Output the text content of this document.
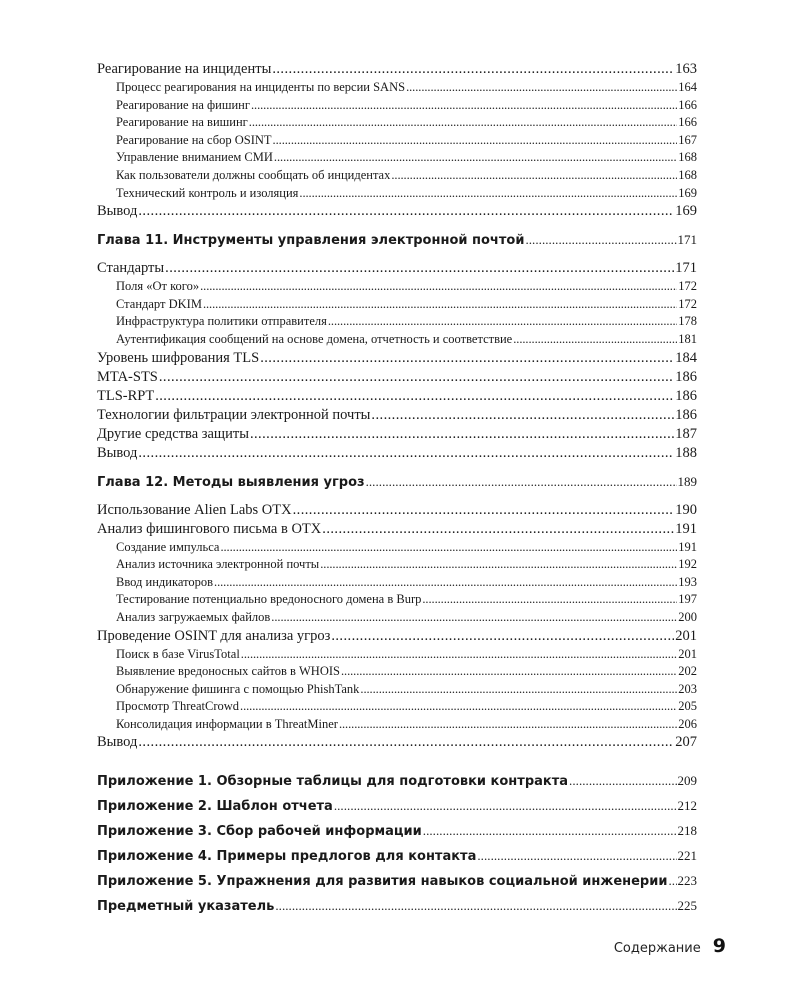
Реагирование на инциденты . . .	163
Процесс реагирования на инциденты по версии SANS . . .	164
Реагирование на фишинг . . .	166
Реагирование на вишинг . . .	166
Реагирование на сбор OSINT . . .	167
Управление вниманием СМИ . . .	168
Как пользователи должны сообщать об инцидентах . . .	168
Технический контроль и изоляция . . .	169
Вывод . . .	169
Глава 11. Инструменты управления электронной почтой . . .	171
Стандарты . . .	171
Поля «От кого» . . .	172
Стандарт DKIM . . .	172
Инфраструктура политики отправителя . . .	178
Аутентификация сообщений на основе домена, отчетность и соответствие . . .	181
Уровень шифрования TLS . . .	184
MTA-STS . . .	186
TLS-RPT . . .	186
Технологии фильтрации электронной почты . . .	186
Другие средства защиты . . .	187
Вывод . . .	188
Глава 12. Методы выявления угроз . . .	189
Использование Alien Labs OTX . . .	190
Анализ фишингового письма в OTX . . .	191
Создание импульса . . .	191
Анализ источника электронной почты . . .	192
Ввод индикаторов . . .	193
Тестирование потенциально вредоносного домена в Burp . . .	197
Анализ загружаемых файлов . . .	200
Проведение OSINT для анализа угроз . . .	201
Поиск в базе VirusTotal . . .	201
Выявление вредоносных сайтов в WHOIS . . .	202
Обнаружение фишинга с помощью PhishTank . . .	203
Просмотр ThreatCrowd . . .	205
Консолидация информации в ThreatMiner . . .	206
Вывод . . .	207
Приложение 1. Обзорные таблицы для подготовки контракта . . .	209
Приложение 2. Шаблон отчета . . .	212
Приложение 3. Сбор рабочей информации . . .	218
Приложение 4. Примеры предлогов для контакта . . .	221
Приложение 5. Упражнения для развития навыков социальной инженерии . . . 223
Предметный указатель . . .	225
Содержание 9
